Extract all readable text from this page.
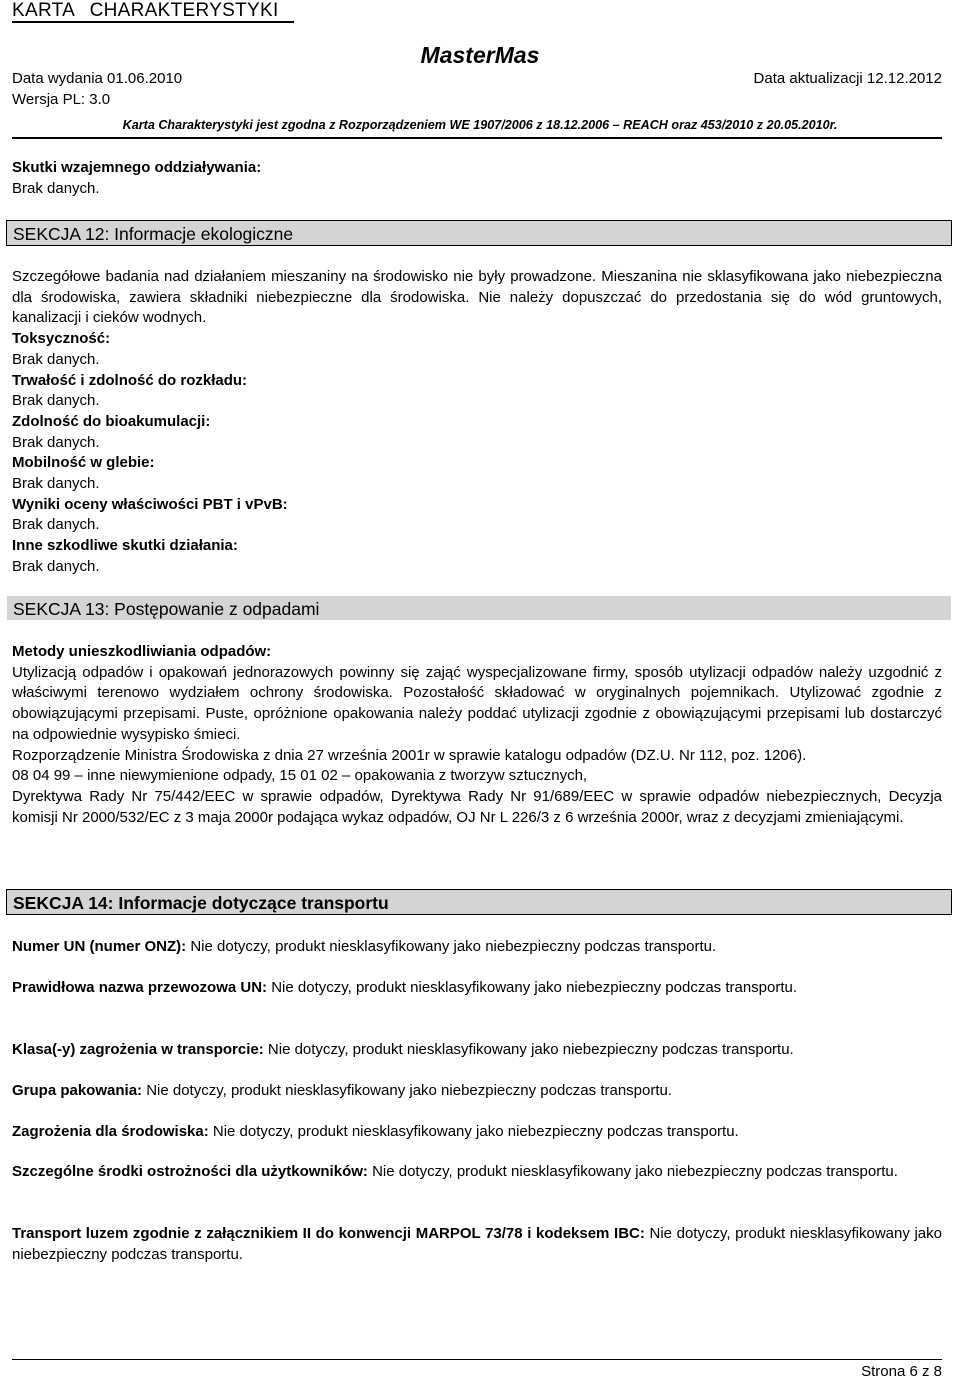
KARTA CHARAKTERYSTYKI
MasterMas
Data wydania 01.06.2010	Data aktualizacji 12.12.2012
Wersja PL: 3.0
Karta Charakterystyki jest zgodna z Rozporządzeniem WE 1907/2006 z 18.12.2006 – REACH oraz 453/2010 z 20.05.2010r.
Skutki wzajemnego oddziaływania:
Brak danych.
SEKCJA 12: Informacje ekologiczne

Szczegółowe badania nad działaniem mieszaniny na środowisko nie były prowadzone. Mieszanina nie sklasyfikowana jako niebezpieczna dla środowiska, zawiera składniki niebezpieczne dla środowiska. Nie należy dopuszczać do przedostania się do wód gruntowych, kanalizacji i cieków wodnych.

Toksyczność:
Brak danych.
Trwałość i zdolność do rozkładu:
Brak danych.
Zdolność do bioakumulacji:
Brak danych.
Mobilność w glebie:
Brak danych.
Wyniki oceny właściwości PBT i vPvB:
Brak danych.
Inne szkodliwe skutki działania:
Brak danych.
SEKCJA 13: Postępowanie z odpadami
Metody unieszkodliwiania odpadów:

Utylizacją odpadów i opakowań jednorazowych powinny się zająć wyspecjalizowane firmy, sposób utylizacji odpadów należy uzgodnić z właściwymi terenowo wydziałem ochrony środowiska. Pozostałość składować w oryginalnych pojemnikach. Utylizować zgodnie z obowiązującymi przepisami. Puste, opróżnione opakowania należy poddać utylizacji zgodnie z obowiązującymi przepisami lub dostarczyć na odpowiednie wysypisko śmieci.

Rozporządzenie Ministra Środowiska z dnia 27 września 2001r w sprawie katalogu odpadów (DZ.U. Nr 112, poz. 1206).

08 04 99 – inne niewymienione odpady, 15 01 02 – opakowania z tworzyw sztucznych,

Dyrektywa Rady Nr 75/442/EEC w sprawie odpadów, Dyrektywa Rady Nr 91/689/EEC w sprawie odpadów niebezpiecznych, Decyzja komisji Nr 2000/532/EC z 3 maja 2000r podająca wykaz odpadów, OJ Nr L 226/3 z 6 września 2000r, wraz z decyzjami zmieniającymi.

SEKCJA 14: Informacje dotyczące transportu
Numer UN (numer ONZ): Nie dotyczy, produkt niesklasyfikowany jako niebezpieczny podczas transportu.
Prawidłowa nazwa przewozowa UN: Nie dotyczy, produkt niesklasyfikowany jako niebezpieczny podczas transportu.
Klasa(-y) zagrożenia w transporcie: Nie dotyczy, produkt niesklasyfikowany jako niebezpieczny podczas transportu.
Grupa pakowania: Nie dotyczy, produkt niesklasyfikowany jako niebezpieczny podczas transportu.
Zagrożenia dla środowiska: Nie dotyczy, produkt niesklasyfikowany jako niebezpieczny podczas transportu.
Szczególne środki ostrożności dla użytkowników: Nie dotyczy, produkt niesklasyfikowany jako niebezpieczny podczas transportu.
Transport luzem zgodnie z załącznikiem II do konwencji MARPOL 73/78 i kodeksem IBC: Nie dotyczy, produkt niesklasyfikowany jako niebezpieczny podczas transportu.
Strona 6 z 8
